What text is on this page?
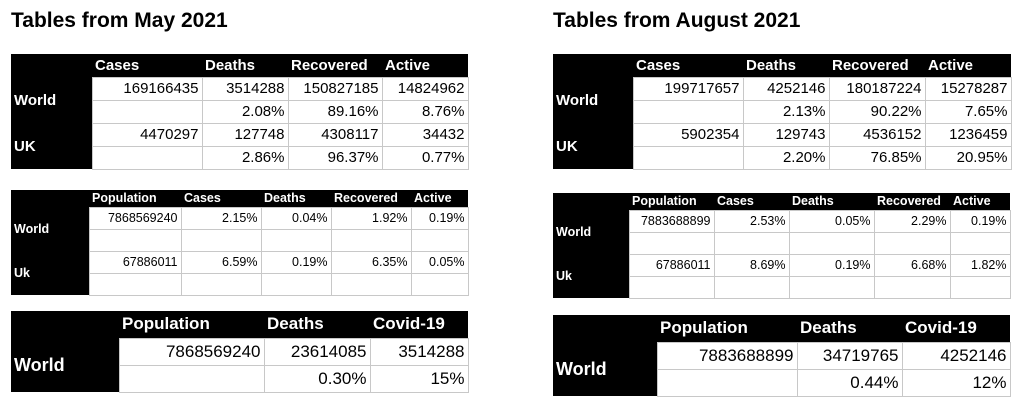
Tables from May 2021
	Cases	Deaths	Recovered	Active
World	169166435	3514288	150827185	14824962
		2.08%	89.16%	8.76%
UK	4470297	127748	4308117	34432
		2.86%	96.37%	0.77%
	Population	Cases	Deaths	Recovered	Active
World	7868569240	2.15%	0.04%	1.92%	0.19%

Uk	67886011	6.59%	0.19%	6.35%	0.05%

	Population	Deaths	Covid-19
World	7868569240	23614085	3514288
		0.30%	15%
Tables from August 2021
	Cases	Deaths	Recovered	Active
World	199717657	4252146	180187224	15278287
		2.13%	90.22%	7.65%
UK	5902354	129743	4536152	1236459
		2.20%	76.85%	20.95%
	Population	Cases	Deaths	Recovered	Active
World	7883688899	2.53%	0.05%	2.29%	0.19%

Uk	67886011	8.69%	0.19%	6.68%	1.82%

	Population	Deaths	Covid-19
World	7883688899	34719765	4252146
		0.44%	12%
